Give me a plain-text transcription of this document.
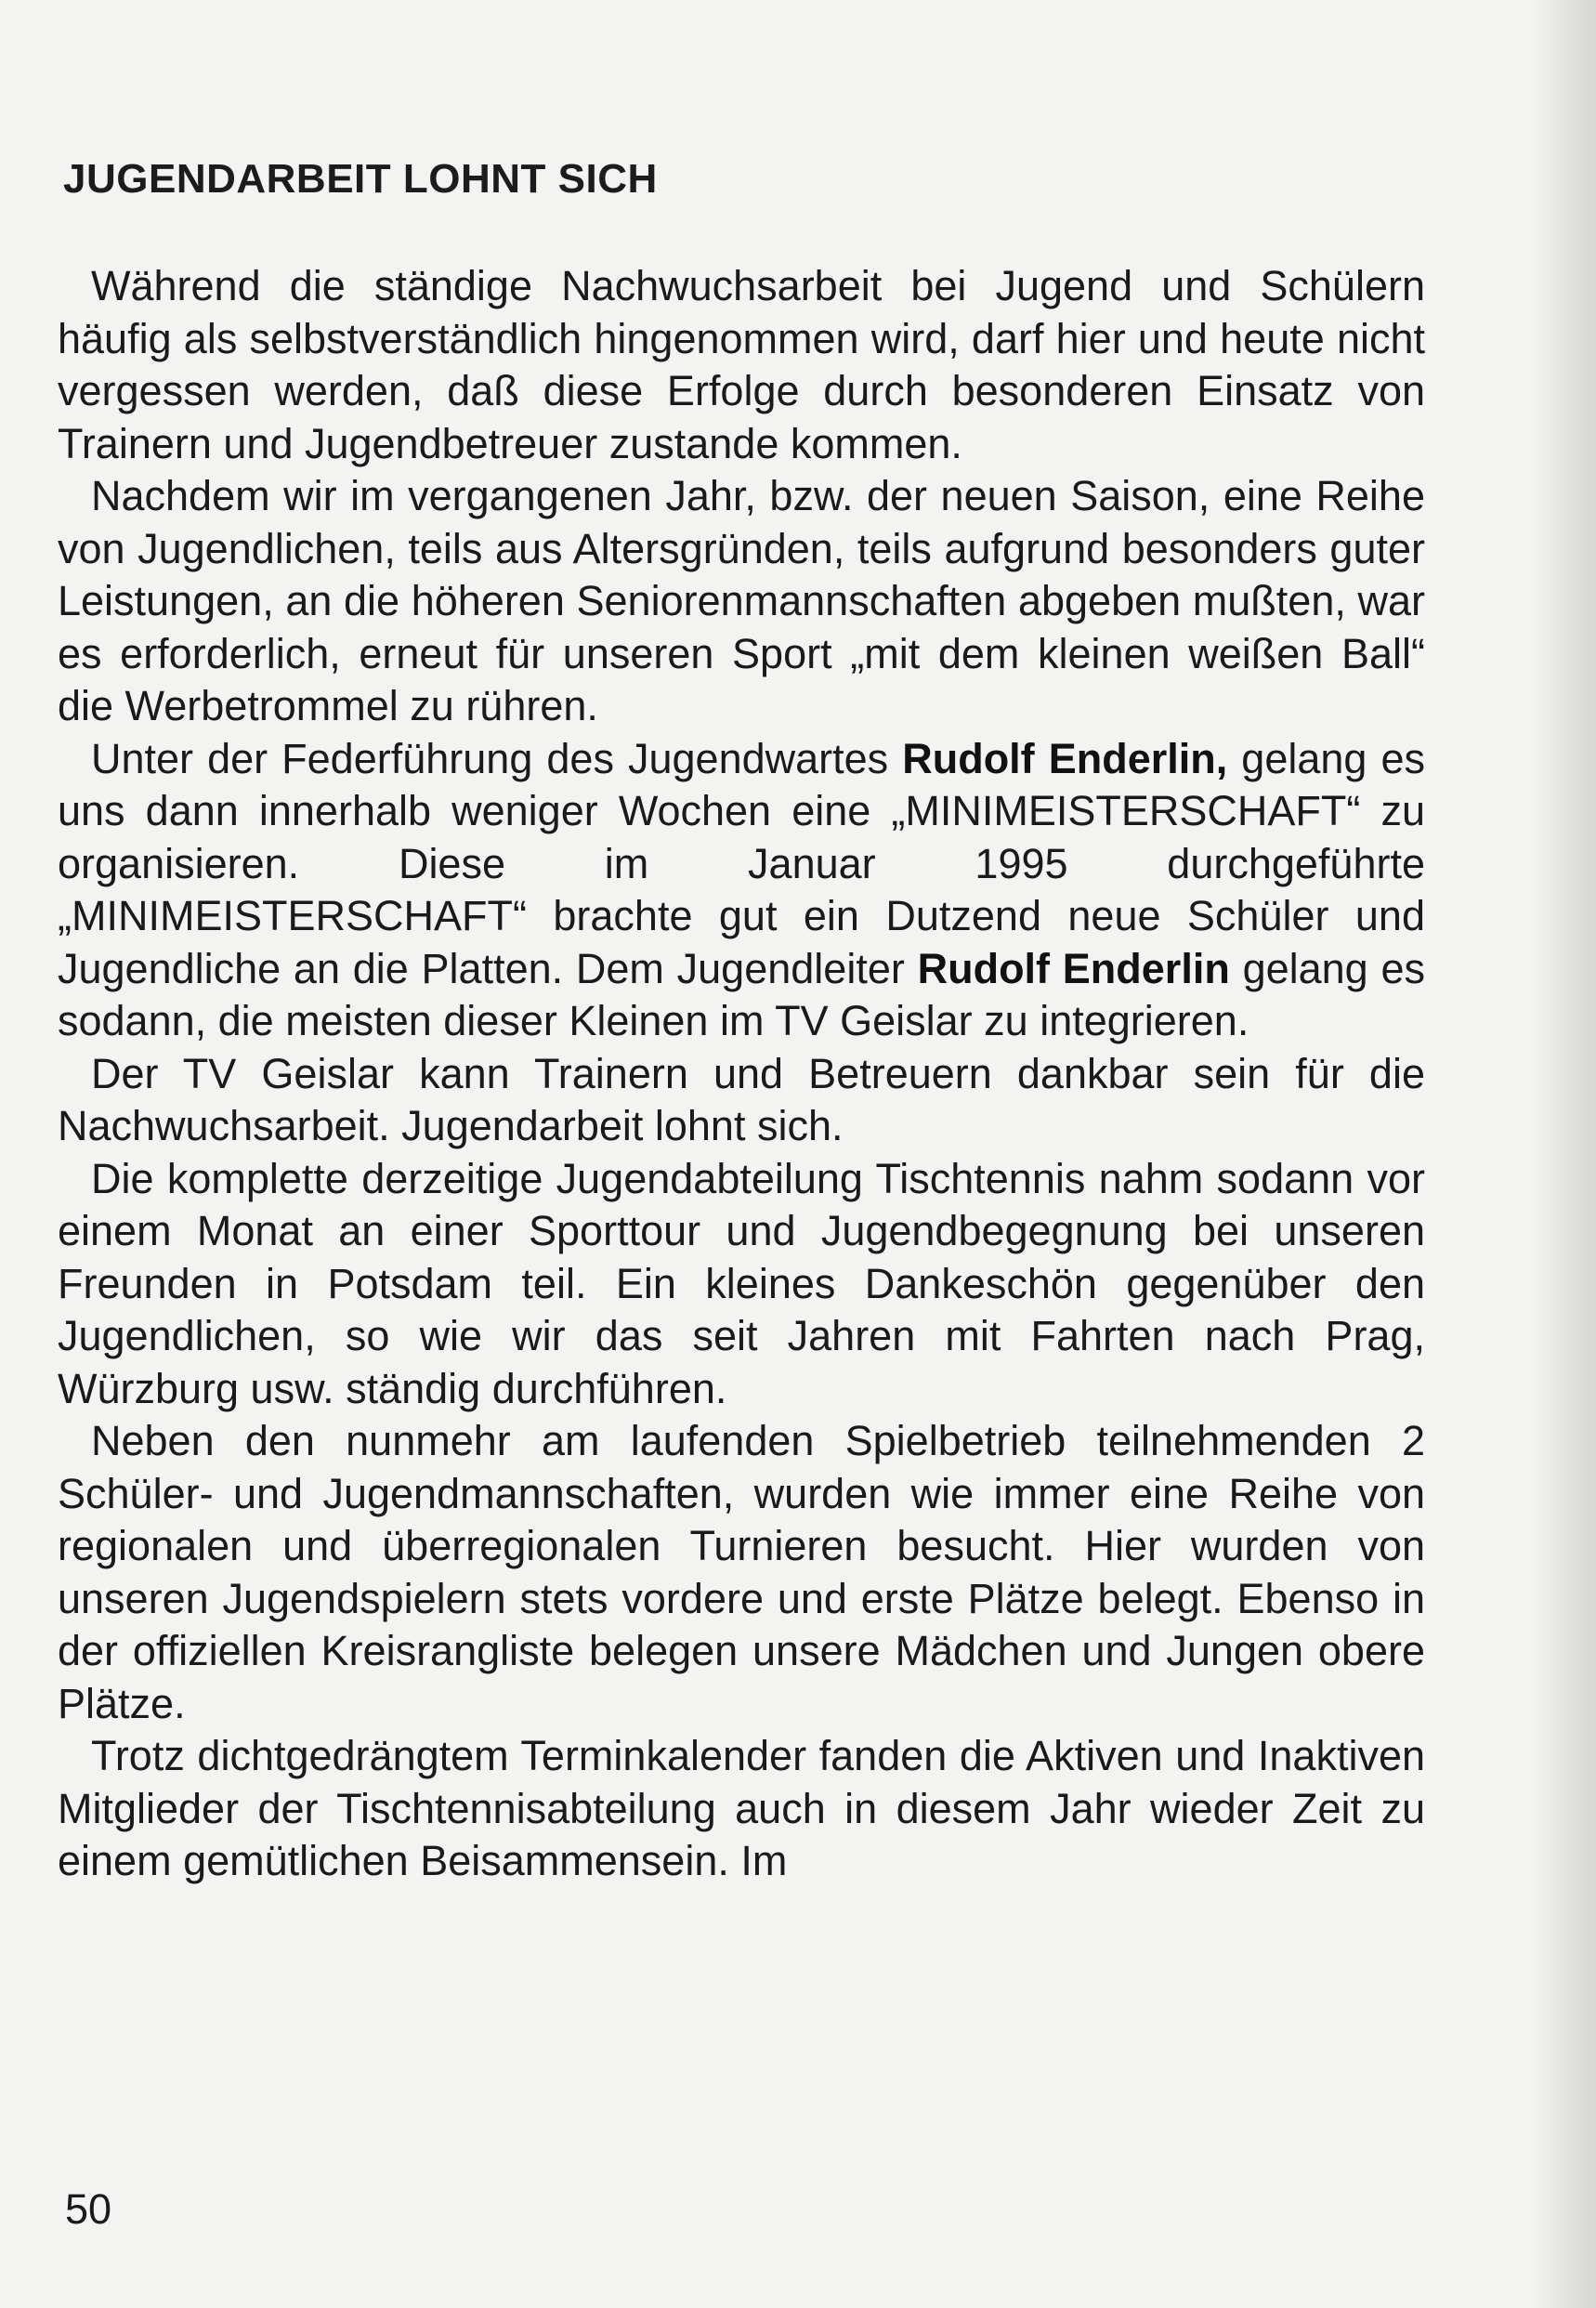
JUGENDARBEIT LOHNT SICH

Während die ständige Nachwuchsarbeit bei Jugend und Schülern häufig als selbstverständlich hingenommen wird, darf hier und heute nicht vergessen werden, daß diese Erfolge durch besonderen Einsatz von Trainern und Jugendbetreuer zustande kommen.

Nachdem wir im vergangenen Jahr, bzw. der neuen Saison, eine Reihe von Jugendlichen, teils aus Altersgründen, teils aufgrund besonders guter Leistungen, an die höheren Seniorenmannschaften abgeben mußten, war es erforderlich, erneut für unseren Sport „mit dem kleinen weißen Ball“ die Werbetrommel zu rühren.

Unter der Federführung des Jugendwartes Rudolf Enderlin, gelang es uns dann innerhalb weniger Wochen eine „MINIMEISTERSCHAFT“ zu organisieren. Diese im Januar 1995 durchgeführte „MINIMEISTERSCHAFT“ brachte gut ein Dutzend neue Schüler und Jugendliche an die Platten. Dem Jugendleiter Rudolf Enderlin gelang es sodann, die meisten dieser Kleinen im TV Geislar zu integrieren.

Der TV Geislar kann Trainern und Betreuern dankbar sein für die Nachwuchsarbeit. Jugendarbeit lohnt sich.

Die komplette derzeitige Jugendabteilung Tischtennis nahm sodann vor einem Monat an einer Sporttour und Jugendbegegnung bei unseren Freunden in Potsdam teil. Ein kleines Dankeschön gegenüber den Jugendlichen, so wie wir das seit Jahren mit Fahrten nach Prag, Würzburg usw. ständig durchführen.

Neben den nunmehr am laufenden Spielbetrieb teilnehmenden 2 Schüler- und Jugendmannschaften, wurden wie immer eine Reihe von regionalen und überregionalen Turnieren besucht. Hier wurden von unseren Jugendspielern stets vordere und erste Plätze belegt. Ebenso in der offiziellen Kreisrangliste belegen unsere Mädchen und Jungen obere Plätze.

Trotz dichtgedrängtem Terminkalender fanden die Aktiven und Inaktiven Mitglieder der Tischtennisabteilung auch in diesem Jahr wieder Zeit zu einem gemütlichen Beisammensein. Im

50
